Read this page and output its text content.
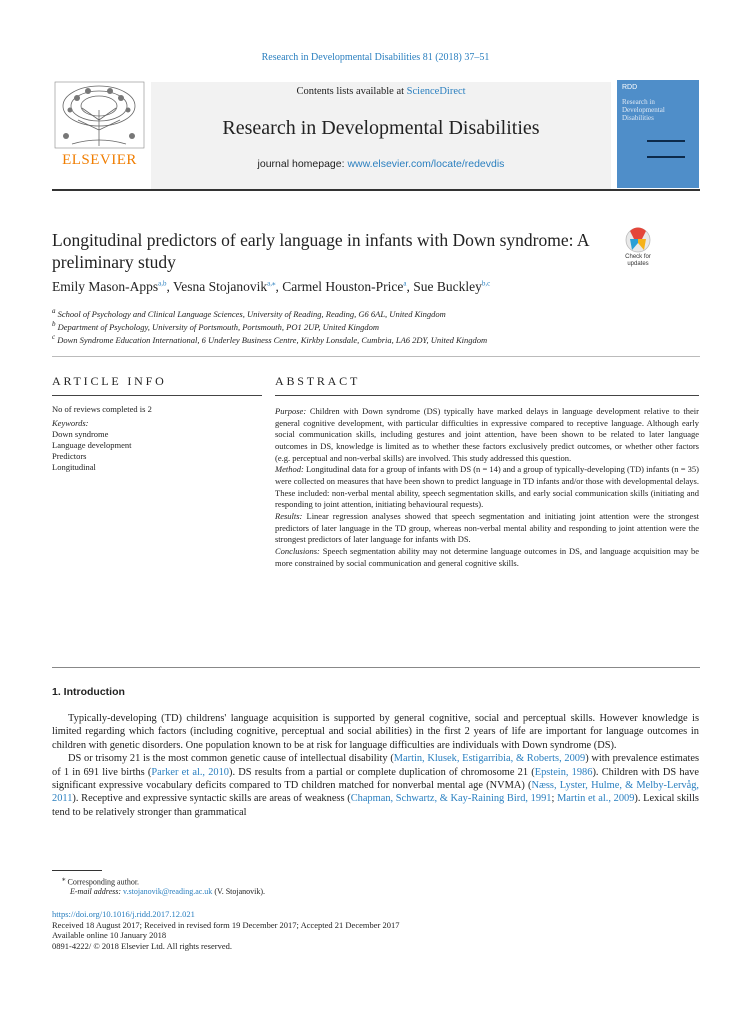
Research in Developmental Disabilities 81 (2018) 37–51
Contents lists available at ScienceDirect
Research in Developmental Disabilities
journal homepage: www.elsevier.com/locate/redevdis
ELSEVIER
RDD
Research in Developmental Disabilities
Longitudinal predictors of early language in infants with Down syndrome: A preliminary study	Check for updates
Emily Mason-Apps$^{a,b}$, Vesna Stojanovik$^{a,⁎}$, Carmel Houston-Price$^a$, Sue Buckley$^{b,c}$
$^a$ School of Psychology and Clinical Language Sciences, University of Reading, Reading, G6 6AL, United Kingdom
$^b$ Department of Psychology, University of Portsmouth, Portsmouth, PO1 2UP, United Kingdom
$^c$ Down Syndrome Education International, 6 Underley Business Centre, Kirkby Lonsdale, Cumbria, LA6 2DY, United Kingdom
ARTICLE INFO
No of reviews completed is 2
Keywords:
Down syndrome
Language development
Predictors
Longitudinal
ABSTRACT

Purpose: Children with Down syndrome (DS) typically have marked delays in language development relative to their general cognitive development, with particular difficulties in expressive compared to receptive language. Although early social communication skills, including gestures and joint attention, have been shown to be related to later language outcomes in DS, knowledge is limited as to whether these factors exclusively predict outcomes, or whether other factors (e.g. perceptual and non-verbal skills) are involved. This study addressed this question.

Method: Longitudinal data for a group of infants with DS (n = 14) and a group of typically-developing (TD) infants (n = 35) were collected on measures that have been shown to predict language in TD infants and/or those with developmental delays. These included: non-verbal mental ability, speech segmentation skills, and early social communication skills (initiating and responding to joint attention, initiating behavioural requests).

Results: Linear regression analyses showed that speech segmentation and initiating joint attention were the strongest predictors of later language in the TD group, whereas non-verbal mental ability and responding to joint attention were the strongest predictors of later language for infants with DS.

Conclusions: Speech segmentation ability may not determine language outcomes in DS, and language acquisition may be more constrained by social communication and general cognitive skills.

1. Introduction

Typically-developing (TD) childrens' language acquisition is supported by general cognitive, social and perceptual skills. However knowledge is limited regarding which factors (including cognitive, perceptual and social abilities) in the first 2 years of life are important for language outcomes in children with genetic disorders. One population known to be at risk for language difficulties are individuals with Down syndrome (DS).

DS or trisomy 21 is the most common genetic cause of intellectual disability (Martin, Klusek, Estigarribia, & Roberts, 2009) with prevalence estimates of 1 in 691 live births (Parker et al., 2010). DS results from a partial or complete duplication of chromosome 21 (Epstein, 1986). Children with DS have significant expressive vocabulary deficits compared to TD children matched for nonverbal mental age (NVMA) (Næss, Lyster, Hulme, & Melby-Lervåg, 2011). Receptive and expressive syntactic skills are areas of weakness (Chapman, Schwartz, & Kay-Raining Bird, 1991; Martin et al., 2009). Lexical skills tend to be relatively stronger than grammatical

⁎ Corresponding author.
E-mail address: v.stojanovik@reading.ac.uk (V. Stojanovik).
https://doi.org/10.1016/j.ridd.2017.12.021
Received 18 August 2017; Received in revised form 19 December 2017; Accepted 21 December 2017
Available online 10 January 2018
0891-4222/ © 2018 Elsevier Ltd. All rights reserved.
